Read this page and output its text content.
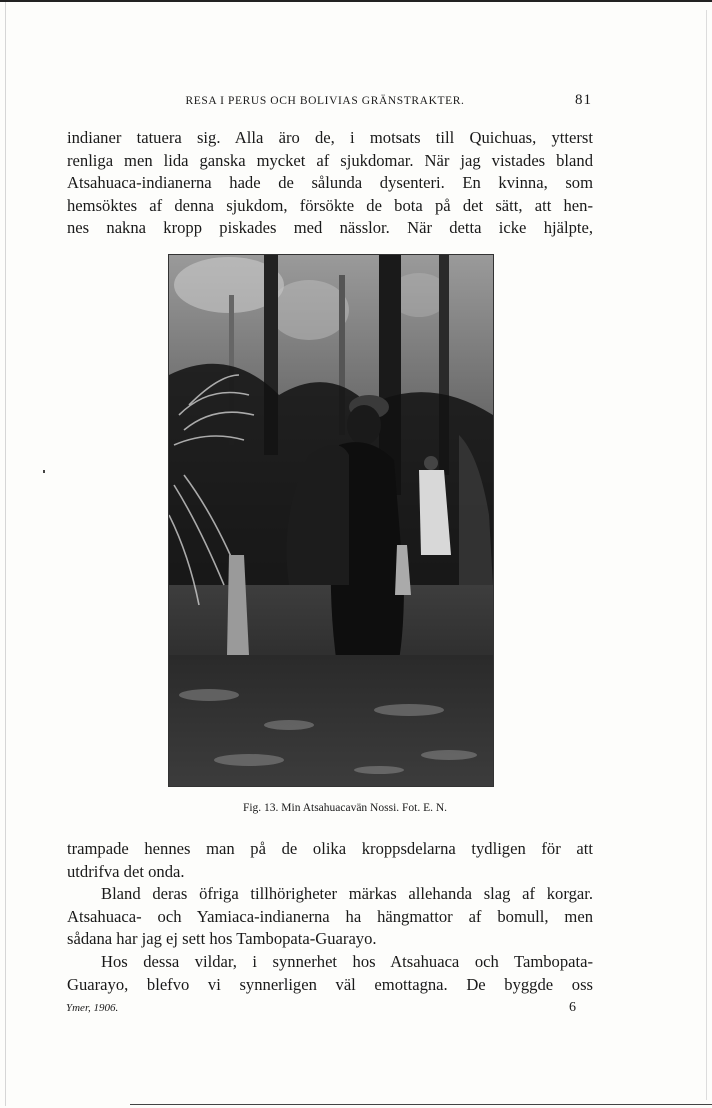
RESA I PERUS OCH BOLIVIAS GRÄNSTRAKTER.	81
indianer tatuera sig. Alla äro de, i motsats till Quichuas, ytterst
renliga men lida ganska mycket af sjukdomar. När jag vistades bland
Atsahuaca-indianerna hade de sålunda dysenteri. En kvinna, som
hemsöktes af denna sjukdom, försökte de bota på det sätt, att hen-
nes nakna kropp piskades med nässlor. När detta icke hjälpte,
Fig. 13. Min Atsahuacavän Nossi. Fot. E. N.
trampade hennes man på de olika kroppsdelarna tydligen för att
utdrifva det onda.
Bland deras öfriga tillhörigheter märkas allehanda slag af korgar.
Atsahuaca- och Yamiaca-indianerna ha hängmattor af bomull, men
sådana har jag ej sett hos Tambopata-Guarayo.
Hos dessa vildar, i synnerhet hos Atsahuaca och Tambopata-
Guarayo, blefvo vi synnerligen väl emottagna. De byggde oss
Ymer, 1906.	6
